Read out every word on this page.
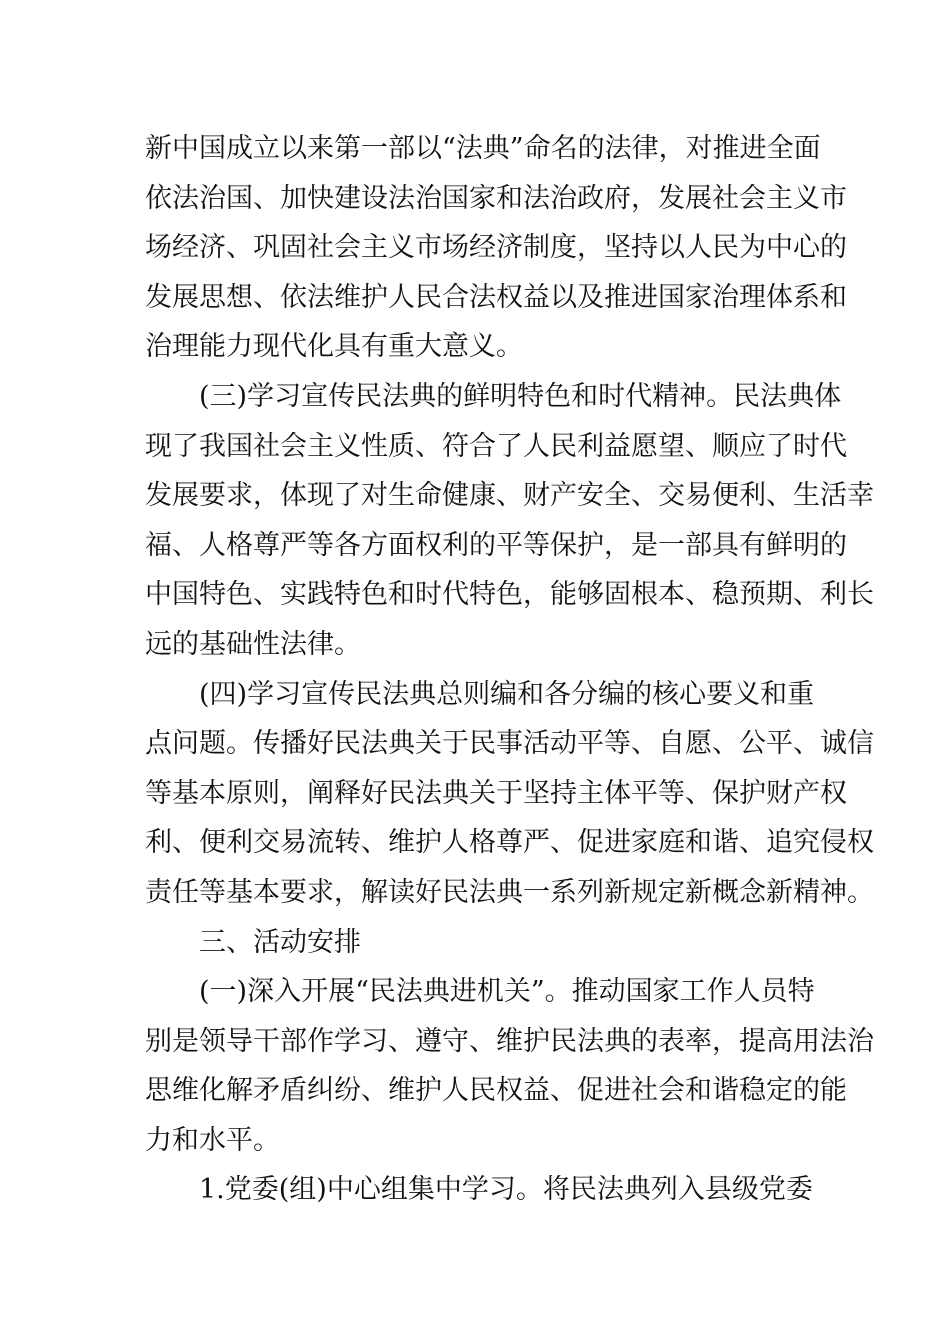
新中国成立以来第一部以“法典”命名的法律，对推进全面
依法治国、加快建设法治国家和法治政府，发展社会主义市
场经济、巩固社会主义市场经济制度，坚持以人民为中心的
发展思想、依法维护人民合法权益以及推进国家治理体系和
治理能力现代化具有重大意义。
(三)学习宣传民法典的鲜明特色和时代精神。民法典体
现了我国社会主义性质、符合了人民利益愿望、顺应了时代
发展要求，体现了对生命健康、财产安全、交易便利、生活幸
福、人格尊严等各方面权利的平等保护，是一部具有鲜明的
中国特色、实践特色和时代特色，能够固根本、稳预期、利长
远的基础性法律。
(四)学习宣传民法典总则编和各分编的核心要义和重
点问题。传播好民法典关于民事活动平等、自愿、公平、诚信
等基本原则，阐释好民法典关于坚持主体平等、保护财产权
利、便利交易流转、维护人格尊严、促进家庭和谐、追究侵权
责任等基本要求，解读好民法典一系列新规定新概念新精神。
三、活动安排
(一)深入开展“民法典进机关”。推动国家工作人员特
别是领导干部作学习、遵守、维护民法典的表率，提高用法治
思维化解矛盾纠纷、维护人民权益、促进社会和谐稳定的能
力和水平。
1.党委(组)中心组集中学习。将民法典列入县级党委
